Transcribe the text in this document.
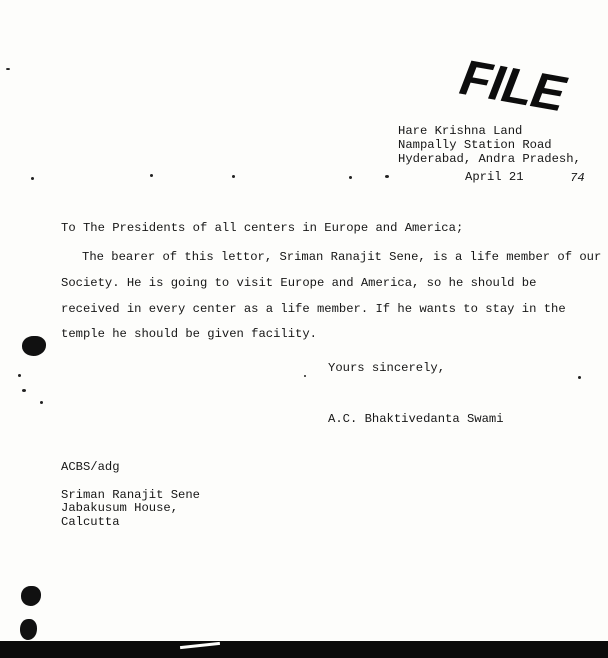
FILE
Hare Krishna Land
Nampally Station Road
Hyderabad, Andra Pradesh,
April 21	74
To The Presidents of all centers in Europe and America;
The bearer of this lettor, Sriman Ranajit Sene, is a life member of our
Society. He is going to visit Europe and America, so he should be
received in every center as a life member. If he wants to stay in the
temple he should be given facility.
Yours sincerely,
A.C. Bhaktivedanta Swami
ACBS/adg
Sriman Ranajit Sene
Jabakusum House,
Calcutta
